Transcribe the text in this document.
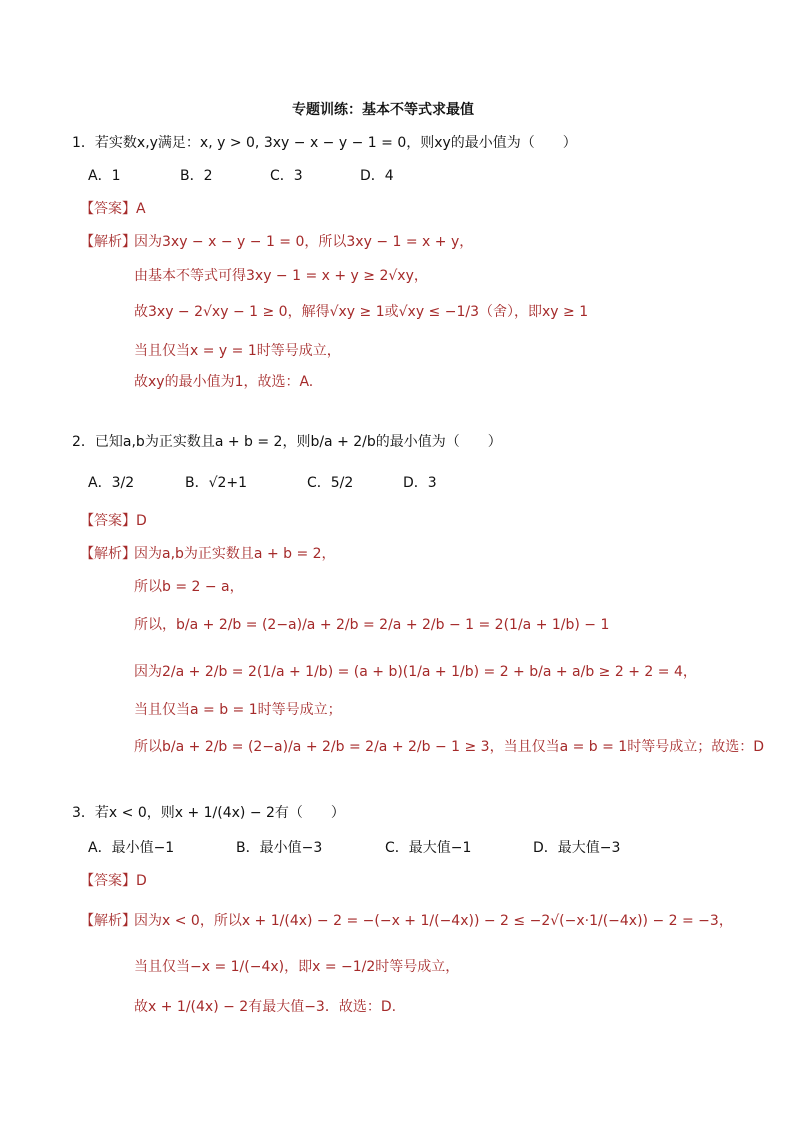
专题训练：基本不等式求最值
1．若实数x,y满足：x, y > 0, 3xy − x − y − 1 = 0，则xy的最小值为（　　）
A．1	B．2	C．3	D．4
【答案】A
【解析】
因为3xy − x − y − 1 = 0，所以3xy − 1 = x + y，
由基本不等式可得3xy − 1 = x + y ≥ 2√xy，
故3xy − 2√xy − 1 ≥ 0，解得√xy ≥ 1或√xy ≤ −1/3（舍），即xy ≥ 1
当且仅当x = y = 1时等号成立，
故xy的最小值为1，故选：A.
2．已知a,b为正实数且a + b = 2，则b/a + 2/b的最小值为（　　）
A．3/2	B．√2+1	C．5/2	D．3
【答案】D
【解析】
因为a,b为正实数且a + b = 2，
所以b = 2 − a，
所以，b/a + 2/b = (2−a)/a + 2/b = 2/a + 2/b − 1 = 2(1/a + 1/b) − 1
因为2/a + 2/b = 2(1/a + 1/b) = (a + b)(1/a + 1/b) = 2 + b/a + a/b ≥ 2 + 2 = 4，
当且仅当a = b = 1时等号成立；
所以b/a + 2/b = (2−a)/a + 2/b = 2/a + 2/b − 1 ≥ 3，当且仅当a = b = 1时等号成立；故选：D
3．若x < 0，则x + 1/(4x) − 2有（　　）
A．最小值−1	B．最小值−3	C．最大值−1	D．最大值−3
【答案】D
【解析】
因为x < 0，所以x + 1/(4x) − 2 = −(−x + 1/(−4x)) − 2 ≤ −2√(−x·1/(−4x)) − 2 = −3，
当且仅当−x = 1/(−4x)，即x = −1/2时等号成立，
故x + 1/(4x) − 2有最大值−3．故选：D.
